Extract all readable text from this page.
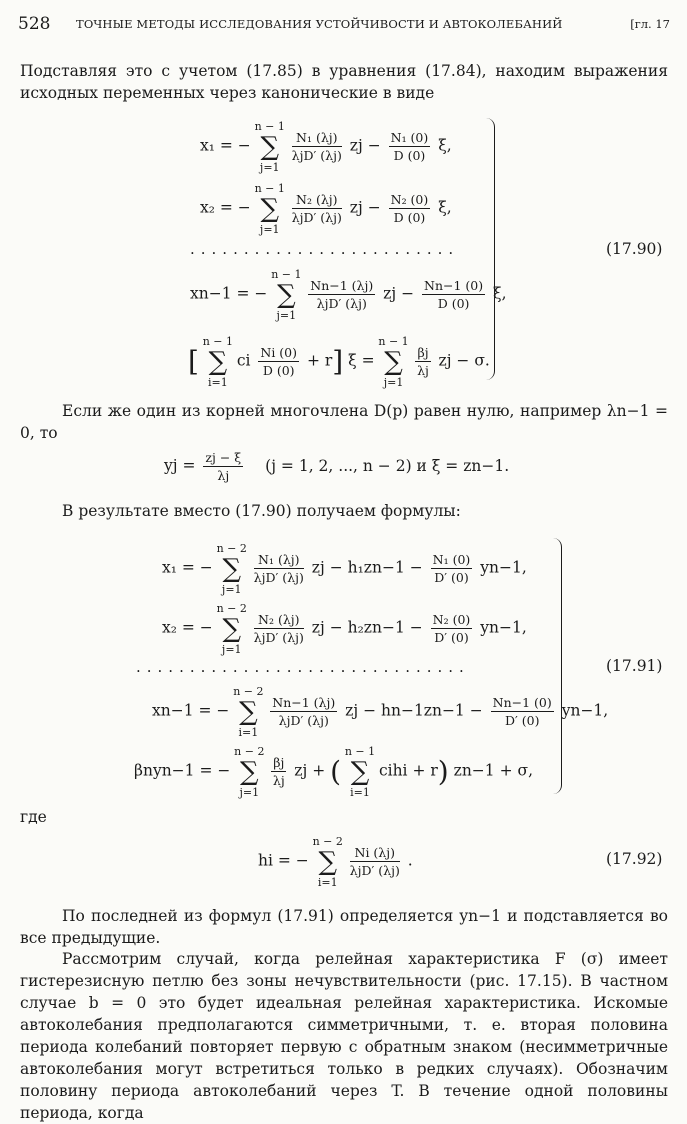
528 ТОЧНЫЕ МЕТОДЫ ИССЛЕДОВАНИЯ УСТОЙЧИВОСТИ И АВТОКОЛЕБАНИЙ	[гл. 17
Подставляя это с учетом (17.85) в уравнения (17.84), находим выражения исходных переменных через канонические в виде
x₁ = −
n − 1
∑
j=1

$\frac{\text{N₁ (λj)}}{\text{λjD′ (λj)}}$ zj − $\frac{\text{N₁ (0)}}{D (0)} \xi$,
x₂ = −
n − 1
∑
j=1

$\frac{\text{N₂ (λj)}}{\text{λjD′ (λj)}}$ zj − $\frac{\text{N₂ (0)}}{D (0)} \xi$,
.........................
xn−1 = −
n − 1
∑
j=1

$\frac{Nn-1 (\lambda j)}{\text{λjD′ (λj)}}$ zj − $\frac{Nn-1 (0)}{D (0)} \xi$,
[
n − 1
∑
i=1
ci $\frac{Ni (0)}{D (0)} + r$] ξ =
n − 1
∑
j=1

$\frac{\beta j}{\lambda j}$ zj − σ.
(17.90)
Если же один из корней многочлена D(p) равен нулю, например λn−1 = 0, то
yj = $\frac{zj - \xi}{\lambda j} (j = 1$, 2, ..., n − 2) и ξ = zn−1.
В результате вместо (17.90) получаем формулы:
x₁ = −
n − 2
∑
j=1

$\frac{\text{N₁ (λj)}}{\text{λjD′ (λj)}}$ zj − $h_1zn-1 - \frac{\text{N₁ (0)}}{D' (0)} yn-1$,
x₂ = −
n − 2
∑
j=1

$\frac{\text{N₂ (λj)}}{\text{λjD′ (λj)}}$ zj − $h_2zn-1 - \frac{\text{N₂ (0)}}{D' (0)} yn-1$,
...............................
xn−1 = −
n − 2
∑
i=1

$\frac{Nn-1 (\lambda j)}{\text{λjD′ (λj)}}$ zj − $hn-1zn-1 - \frac{Nn-1 (0)}{D' (0)} yn-1$,
βnyn−1 = −
n − 2
∑
j=1

$\frac{\beta j}{\lambda j}$ zj + (
n − 1
∑
i=1
cihi + r) zn−1 + σ,
(17.91)
где
hi = −
n − 2
∑
i=1

$\frac{Ni (\lambda j)}{\text{λjD′ (λj)}}$ .	(17.92)
По последней из формул (17.91) определяется yn−1 и подставляется во все предыдущие.
Рассмотрим случай, когда релейная характеристика F (σ) имеет гистерезисную петлю без зоны нечувствительности (рис. 17.15). В частном случае b = 0 это будет идеальная релейная характеристика. Искомые автоколебания предполагаются симметричными, т. е. вторая половина периода колебаний повторяет первую с обратным знаком (несимметричные автоколебания могут встретиться только в редких случаях). Обозначим половину периода автоколебаний через T. В течение одной половины периода, когда
